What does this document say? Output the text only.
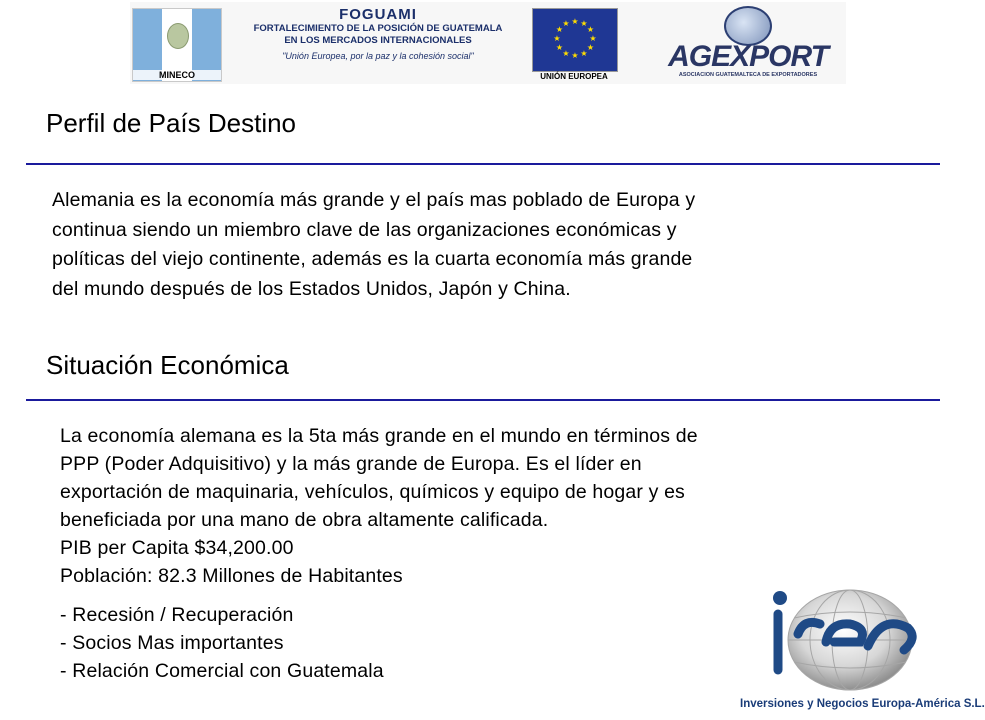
MINECO
FOGUAMI
FORTALECIMIENTO DE LA POSICIÓN DE GUATEMALA
EN LOS MERCADOS INTERNACIONALES
"Unión Europea, por la paz y la cohesión social"
★ ★
★
★
★
★
★
★
★
★
★
★
UNIÓN EUROPEA
AGEXPORT
ASOCIACION GUATEMALTECA DE EXPORTADORES
Perfil de País Destino
Alemania es la economía más grande y el país mas poblado de Europa y
continua siendo un miembro clave de las organizaciones económicas y
políticas del viejo continente, además es la cuarta economía más grande
del mundo después de los Estados Unidos, Japón y China.
Situación Económica
La economía alemana es la 5ta más grande en el mundo en términos de
PPP (Poder Adquisitivo) y la más grande de Europa. Es el líder en
exportación de maquinaria, vehículos, químicos y equipo de hogar y es
beneficiada por una mano de obra altamente calificada.
PIB per Capita $34,200.00
Población: 82.3 Millones de Habitantes
- Recesión / Recuperación
- Socios Mas importantes
- Relación Comercial con Guatemala
Inversiones y Negocios Europa-América S.L.
